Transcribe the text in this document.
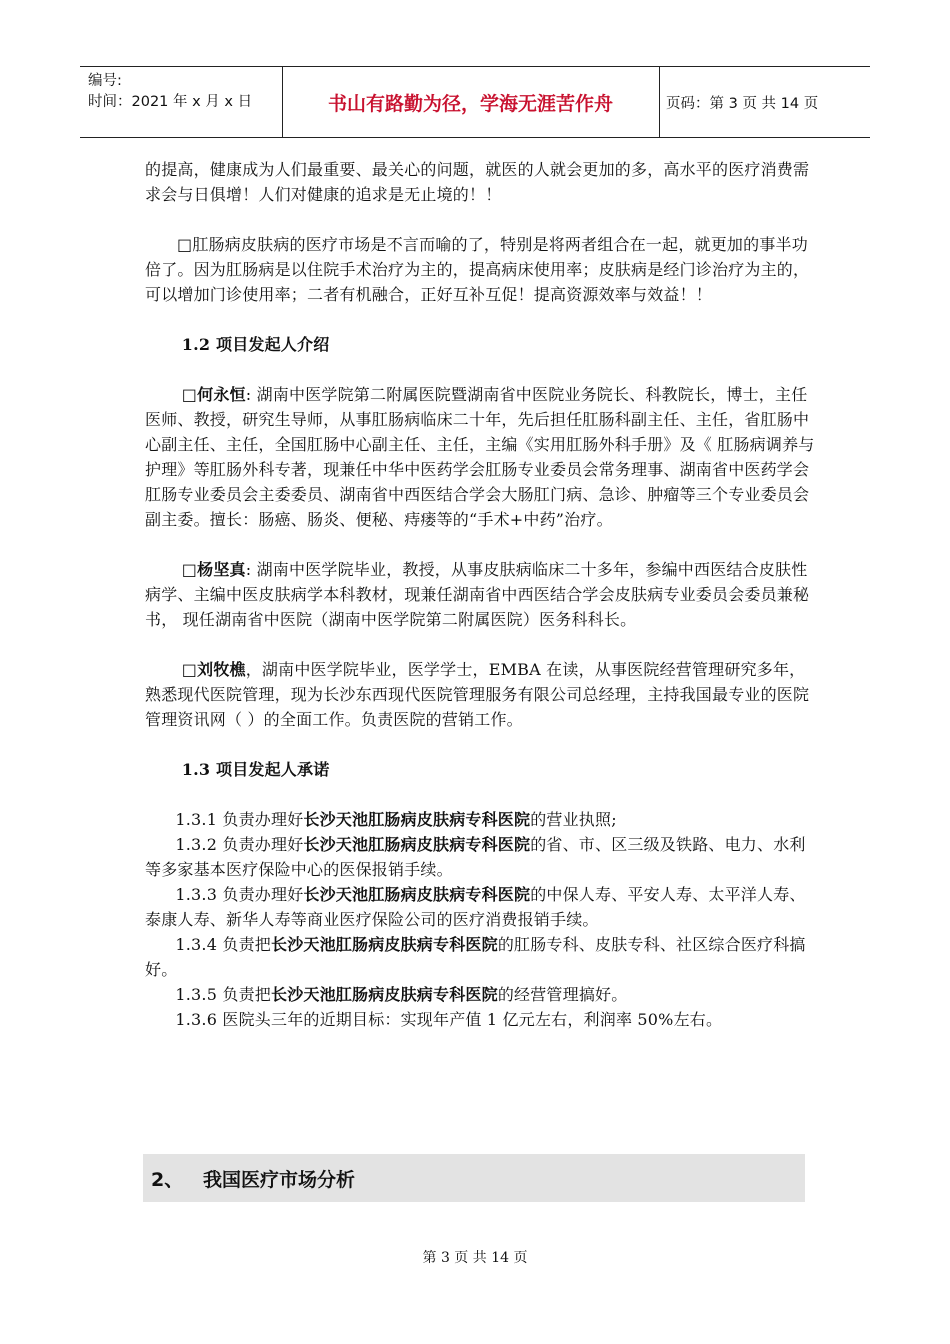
编号:
时间：2021 年 x 月 x 日	书山有路勤为径，学海无涯苦作舟	页码：第 3 页 共 14 页

的提高，健康成为人们最重要、最关心的问题，就医的人就会更加的多，高水平的医疗消费需求会与日俱增！人们对健康的追求是无止境的！！

□肛肠病皮肤病的医疗市场是不言而喻的了，特别是将两者组合在一起，就更加的事半功倍了。因为肛肠病是以住院手术治疗为主的，提高病床使用率；皮肤病是经门诊治疗为主的，可以增加门诊使用率；二者有机融合，正好互补互促！提高资源效率与效益！！

1.2 项目发起人介绍

□何永恒: 湖南中医学院第二附属医院暨湖南省中医院业务院长、科教院长，博士，主任医师、教授，研究生导师，从事肛肠病临床二十年，先后担任肛肠科副主任、主任，省肛肠中心副主任、主任，全国肛肠中心副主任、主任，主编《实用肛肠外科手册》及《 肛肠病调养与护理》等肛肠外科专著，现兼任中华中医药学会肛肠专业委员会常务理事、湖南省中医药学会肛肠专业委员会主委委员、湖南省中西医结合学会大肠肛门病、急诊、肿瘤等三个专业委员会副主委。擅长：肠癌、肠炎、便秘、痔瘘等的“手术+中药”治疗。

□杨坚真: 湖南中医学院毕业，教授，从事皮肤病临床二十多年，参编中西医结合皮肤性病学、主编中医皮肤病学本科教材，现兼任湖南省中西医结合学会皮肤病专业委员会委员兼秘书， 现任湖南省中医院（湖南中医学院第二附属医院）医务科科长。

□刘牧樵，湖南中医学院毕业，医学学士，EMBA 在读，从事医院经营管理研究多年，熟悉现代医院管理，现为长沙东西现代医院管理服务有限公司总经理，主持我国最专业的医院管理资讯网（ ）的全面工作。负责医院的营销工作。

1.3 项目发起人承诺

1.3.1 负责办理好长沙天池肛肠病皮肤病专科医院的营业执照;

1.3.2 负责办理好长沙天池肛肠病皮肤病专科医院的省、市、区三级及铁路、电力、水利等多家基本医疗保险中心的医保报销手续。

1.3.3 负责办理好长沙天池肛肠病皮肤病专科医院的中保人寿、平安人寿、太平洋人寿、泰康人寿、新华人寿等商业医疗保险公司的医疗消费报销手续。

1.3.4 负责把长沙天池肛肠病皮肤病专科医院的肛肠专科、皮肤专科、社区综合医疗科搞好。

1.3.5 负责把长沙天池肛肠病皮肤病专科医院的经营管理搞好。

1.3.6 医院头三年的近期目标：实现年产值 1 亿元左右，利润率 50%左右。

2、	我国医疗市场分析
第 3 页 共 14 页
